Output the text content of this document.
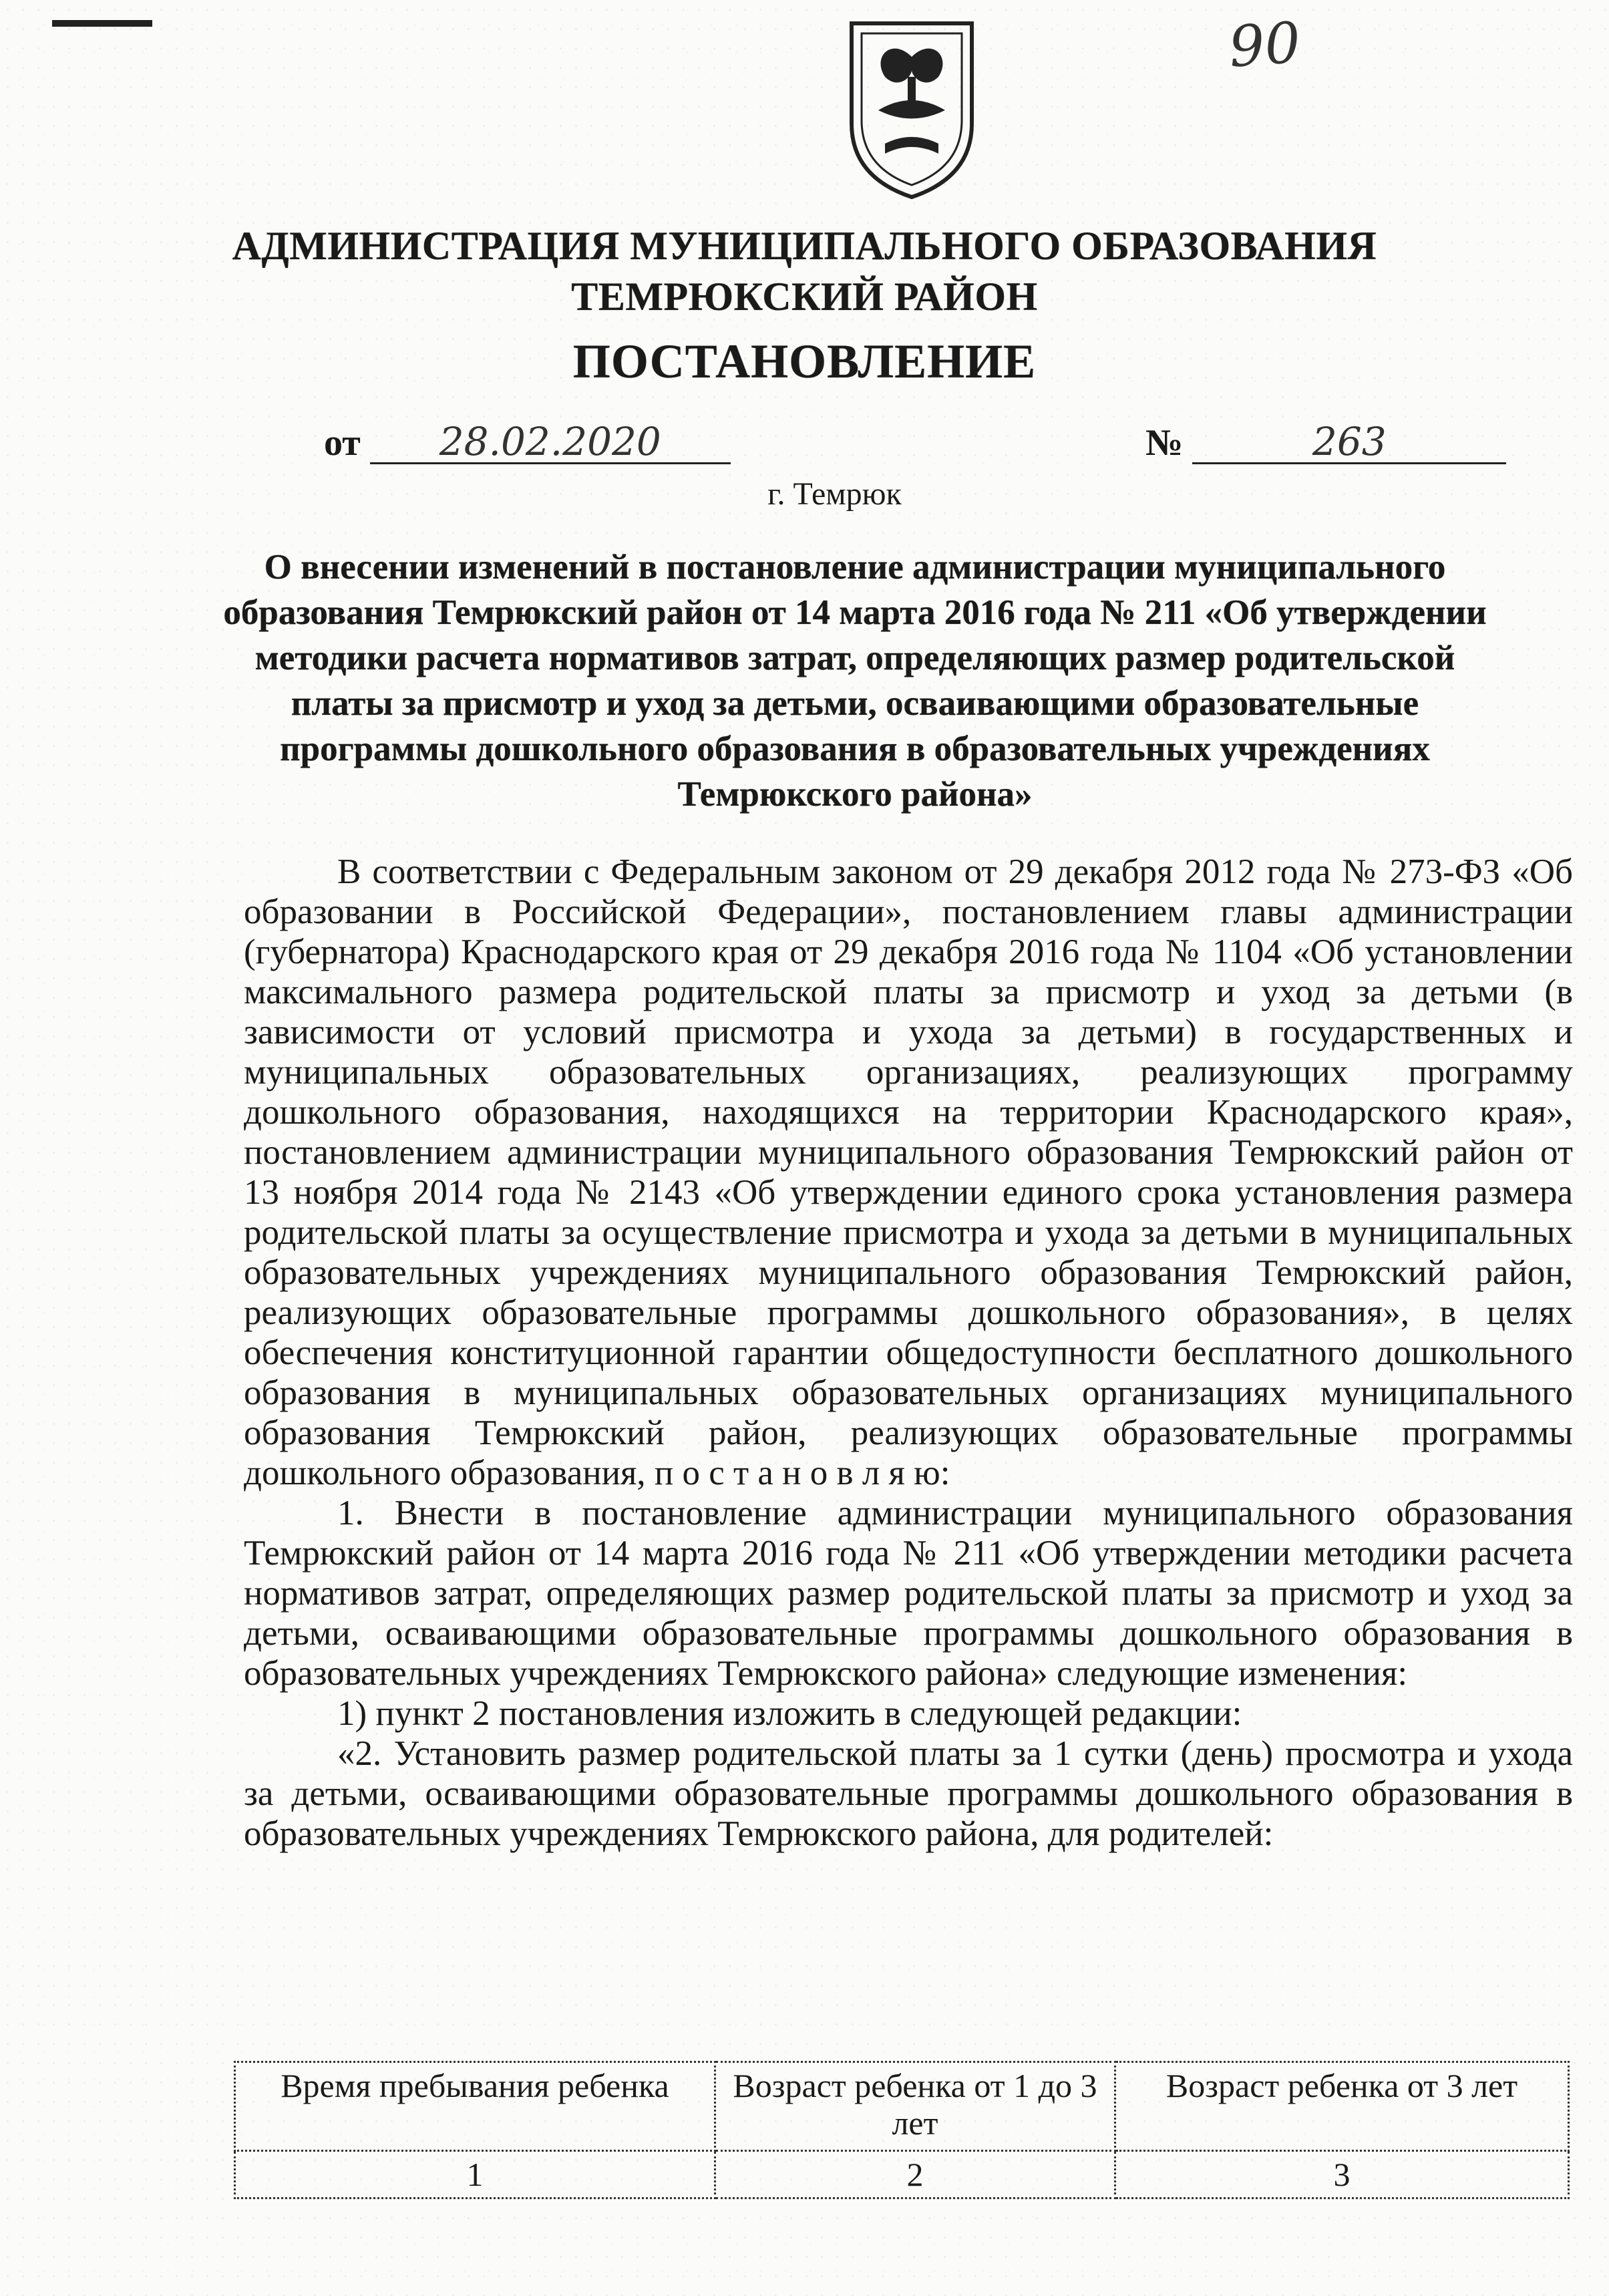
90
АДМИНИСТРАЦИЯ МУНИЦИПАЛЬНОГО ОБРАЗОВАНИЯ
ТЕМРЮКСКИЙ РАЙОН
ПОСТАНОВЛЕНИЕ
от 28.02.2020	№	263
г. Темрюк
О внесении изменений в постановление администрации муниципального образования Темрюкский район от 14 марта 2016 года № 211 «Об утверждении методики расчета нормативов затрат, определяющих размер родительской платы за присмотр и уход за детьми, осваивающими образовательные программы дошкольного образования в образовательных учреждениях Темрюкского района»

В соответствии с Федеральным законом от 29 декабря 2012 года № 273-ФЗ «Об образовании в Российской Федерации», постановлением главы администрации (губернатора) Краснодарского края от 29 декабря 2016 года № 1104 «Об установлении максимального размера родительской платы за присмотр и уход за детьми (в зависимости от условий присмотра и ухода за детьми) в государственных и муниципальных образовательных организациях, реализующих программу дошкольного образования, находящихся на территории Краснодарского края», постановлением администрации муниципального образования Темрюкский район от 13 ноября 2014 года № 2143 «Об утверждении единого срока установления размера родительской платы за осуществление присмотра и ухода за детьми в муниципальных образовательных учреждениях муниципального образования Темрюкский район, реализующих образовательные программы дошкольного образования», в целях обеспечения конституционной гарантии общедоступности бесплатного дошкольного образования в муниципальных образовательных организациях муниципального образования Темрюкский район, реализующих образовательные программы дошкольного образования, п о с т а н о в л я ю:

1. Внести в постановление администрации муниципального образования Темрюкский район от 14 марта 2016 года № 211 «Об утверждении методики расчета нормативов затрат, определяющих размер родительской платы за присмотр и уход за детьми, осваивающими образовательные программы дошкольного образования в образовательных учреждениях Темрюкского района» следующие изменения:

1) пункт 2 постановления изложить в следующей редакции:

«2. Установить размер родительской платы за 1 сутки (день) просмотра и ухода за детьми, осваивающими образовательные программы дошкольного образования в образовательных учреждениях Темрюкского района, для родителей:

Время пребывания ребенка	Возраст ребенка от 1 до 3 лет	Возраст ребенка от 3 лет
1	2	3
